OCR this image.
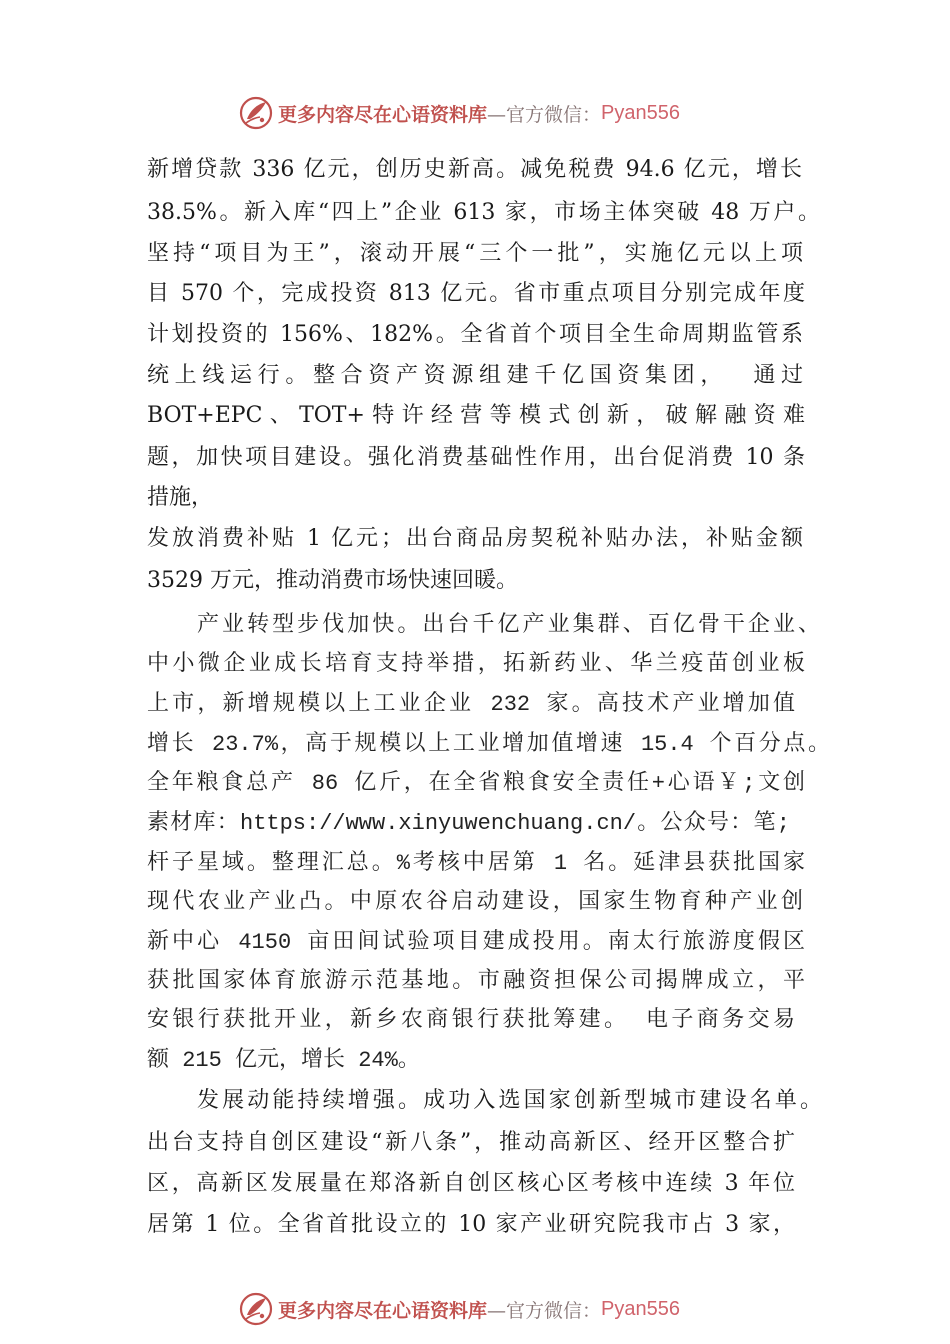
更多内容尽在心语资料库 —官方微信： Pyan556
新增贷款 336 亿元，创历史新高。减免税费 94.6 亿元，增长
38.5%。新入库“四上”企业 613 家，市场主体突破 48 万户。
坚持“项目为王”，滚动开展“三个一批”，实施亿元以上项
目 570 个，完成投资 813 亿元。省市重点项目分别完成年度
计划投资的 156%、182%。全省首个项目全生命周期监管系
统上线运行。整合资产资源组建千亿国资集团，  通过
BOT+EPC、TOT+特许经营等模式创新，破解融资难
题，加快项目建设。强化消费基础性作用，出台促消费 10 条
措施，
发放消费补贴 1 亿元；出台商品房契税补贴办法，补贴金额
3529 万元，推动消费市场快速回暖。
产业转型步伐加快。出台千亿产业集群、百亿骨干企业、
中小微企业成长培育支持举措，拓新药业、华兰疫苗创业板
上市，新增规模以上工业企业 232 家。高技术产业增加值
增长 23.7%，高于规模以上工业增加值增速 15.4 个百分点。
全年粮食总产 86 亿斤，在全省粮食安全责任+心语￥;文创
素材库：https://www.xinyuwenchuang.cn/。公众号：笔;
杆子星域。整理汇总。%考核中居第 1 名。延津县获批国家
现代农业产业凸。中原农谷启动建设，国家生物育种产业创
新中心 4150 亩田间试验项目建成投用。南太行旅游度假区
获批国家体育旅游示范基地。市融资担保公司揭牌成立，平
安银行获批开业，新乡农商银行获批筹建。 电子商务交易
额 215 亿元，增长 24%。
发展动能持续增强。成功入选国家创新型城市建设名单。
出台支持自创区建设“新八条”，推动高新区、经开区整合扩
区，高新区发展量在郑洛新自创区核心区考核中连续 3 年位
居第 1 位。全省首批设立的 10 家产业研究院我市占 3 家，
更多内容尽在心语资料库 —官方微信： Pyan556
